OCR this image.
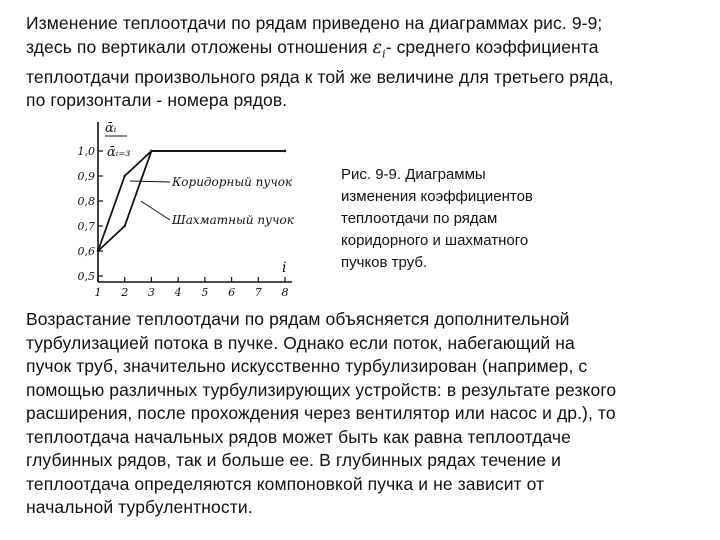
Изменение теплоотдачи по рядам приведено на диаграммах рис. 9-9;
здесь по вертикали отложены отношения $\varepsilon_i-$ среднего коэффициента
теплоотдачи произвольного ряда к той же величине для третьего ряда,
по горизонтали - номера рядов.

0,5
0,6
0,7
0,8
0,9
1,0
1 2 3 4 5 6 7 8
ᾱᵢ
ᾱᵢ₌₃
i
Коридорный пучок
Шахматный пучок

Рис. 9-9. Диаграммы
изменения коэффициентов
теплоотдачи по рядам
коридорного и шахматного
пучков труб.

Возрастание теплоотдачи по рядам объясняется дополнительной
турбулизацией потока в пучке. Однако если поток, набегающий на
пучок труб, значительно искусственно турбулизирован (например, с
помощью различных турбулизирующих устройств: в результате резкого
расширения, после прохождения через вентилятор или насос и др.), то
теплоотдача начальных рядов может быть как равна теплоотдаче
глубинных рядов, так и больше ее. В глубинных рядах течение и
теплоотдача определяются компоновкой пучка и не зависит от
начальной турбулентности.
